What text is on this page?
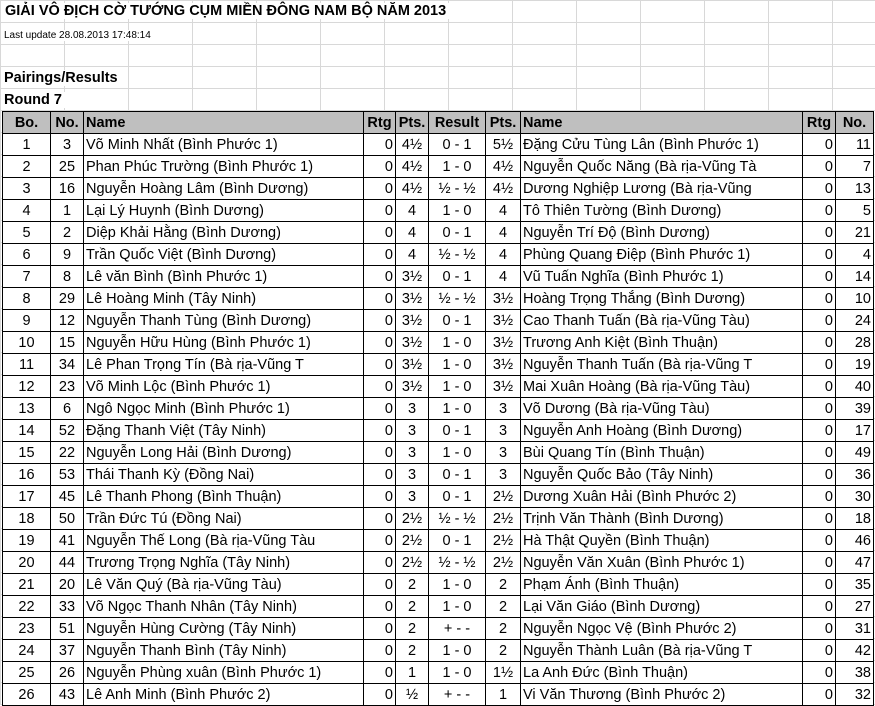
GIẢI VÔ ĐỊCH CỜ TƯỚNG CỤM MIỀN ĐÔNG NAM BỘ NĂM 2013
Last update 28.08.2013 17:48:14
Pairings/Results
Round 7
Bo.	No.	Name	Rtg	Pts.	Result	Pts.	Name	Rtg	No.
1	3	Võ Minh Nhất (Bình Phước 1)	0	4½	0 - 1	5½	Đặng Cửu Tùng Lân (Bình Phước 1)	0	11
2	25	Phan Phúc Trường (Bình Phước 1)	0	4½	1 - 0	4½	Nguyễn Quốc Năng (Bà rịa-Vũng Tà	0	7
3	16	Nguyễn Hoàng Lâm (Bình Dương)	0	4½	½ - ½	4½	Dương Nghiệp Lương (Bà rịa-Vũng	0	13
4	1	Lại Lý Huynh (Bình Dương)	0	4	1 - 0	4	Tô Thiên Tường (Bình Dương)	0	5
5	2	Diệp Khải Hằng (Bình Dương)	0	4	0 - 1	4	Nguyễn Trí Độ (Bình Dương)	0	21
6	9	Trần Quốc Việt (Bình Dương)	0	4	½ - ½	4	Phùng Quang Điệp (Bình Phước 1)	0	4
7	8	Lê văn Bình (Bình Phước 1)	0	3½	0 - 1	4	Vũ Tuấn Nghĩa (Bình Phước 1)	0	14
8	29	Lê Hoàng Minh (Tây Ninh)	0	3½	½ - ½	3½	Hoàng Trọng Thắng (Bình Dương)	0	10
9	12	Nguyễn Thanh Tùng (Bình Dương)	0	3½	0 - 1	3½	Cao Thanh Tuấn (Bà rịa-Vũng Tàu)	0	24
10	15	Nguyễn Hữu Hùng (Bình Phước 1)	0	3½	1 - 0	3½	Trương Anh Kiệt (Bình Thuận)	0	28
11	34	Lê Phan Trọng Tín (Bà rịa-Vũng T	0	3½	1 - 0	3½	Nguyễn Thanh Tuấn (Bà rịa-Vũng T	0	19
12	23	Võ Minh Lộc (Bình Phước 1)	0	3½	1 - 0	3½	Mai Xuân Hoàng (Bà rịa-Vũng Tàu)	0	40
13	6	Ngô Ngọc Minh (Bình Phước 1)	0	3	1 - 0	3	Võ Dương (Bà rịa-Vũng Tàu)	0	39
14	52	Đặng Thanh Việt (Tây Ninh)	0	3	0 - 1	3	Nguyễn Anh Hoàng (Bình Dương)	0	17
15	22	Nguyễn Long Hải (Bình Dương)	0	3	1 - 0	3	Bùi Quang Tín (Bình Thuận)	0	49
16	53	Thái Thanh Kỳ (Đồng Nai)	0	3	0 - 1	3	Nguyễn Quốc Bảo (Tây Ninh)	0	36
17	45	Lê Thanh Phong (Bình Thuận)	0	3	0 - 1	2½	Dương Xuân Hải (Bình Phước 2)	0	30
18	50	Trần Đức Tú (Đồng Nai)	0	2½	½ - ½	2½	Trịnh Văn Thành (Bình Dương)	0	18
19	41	Nguyễn Thế Long (Bà rịa-Vũng Tàu	0	2½	0 - 1	2½	Hà Thật Quyền (Bình Thuận)	0	46
20	44	Trương Trọng Nghĩa (Tây Ninh)	0	2½	½ - ½	2½	Nguyễn Văn Xuân (Bình Phước 1)	0	47
21	20	Lê Văn Quý (Bà rịa-Vũng Tàu)	0	2	1 - 0	2	Phạm Ánh (Bình Thuận)	0	35
22	33	Võ Ngọc Thanh Nhân (Tây Ninh)	0	2	1 - 0	2	Lại Văn Giáo (Bình Dương)	0	27
23	51	Nguyễn Hùng Cường (Tây Ninh)	0	2	+ - -	2	Nguyễn Ngọc Vệ (Bình Phước 2)	0	31
24	37	Nguyễn Thanh Bình (Tây Ninh)	0	2	1 - 0	2	Nguyễn Thành Luân (Bà rịa-Vũng T	0	42
25	26	Nguyễn Phùng xuân (Bình Phước 1)	0	1	1 - 0	1½	La Anh Đức (Bình Thuận)	0	38
26	43	Lê Anh Minh (Bình Phước 2)	0	½	+ - -	1	Vi Văn Thương (Bình Phước 2)	0	32
